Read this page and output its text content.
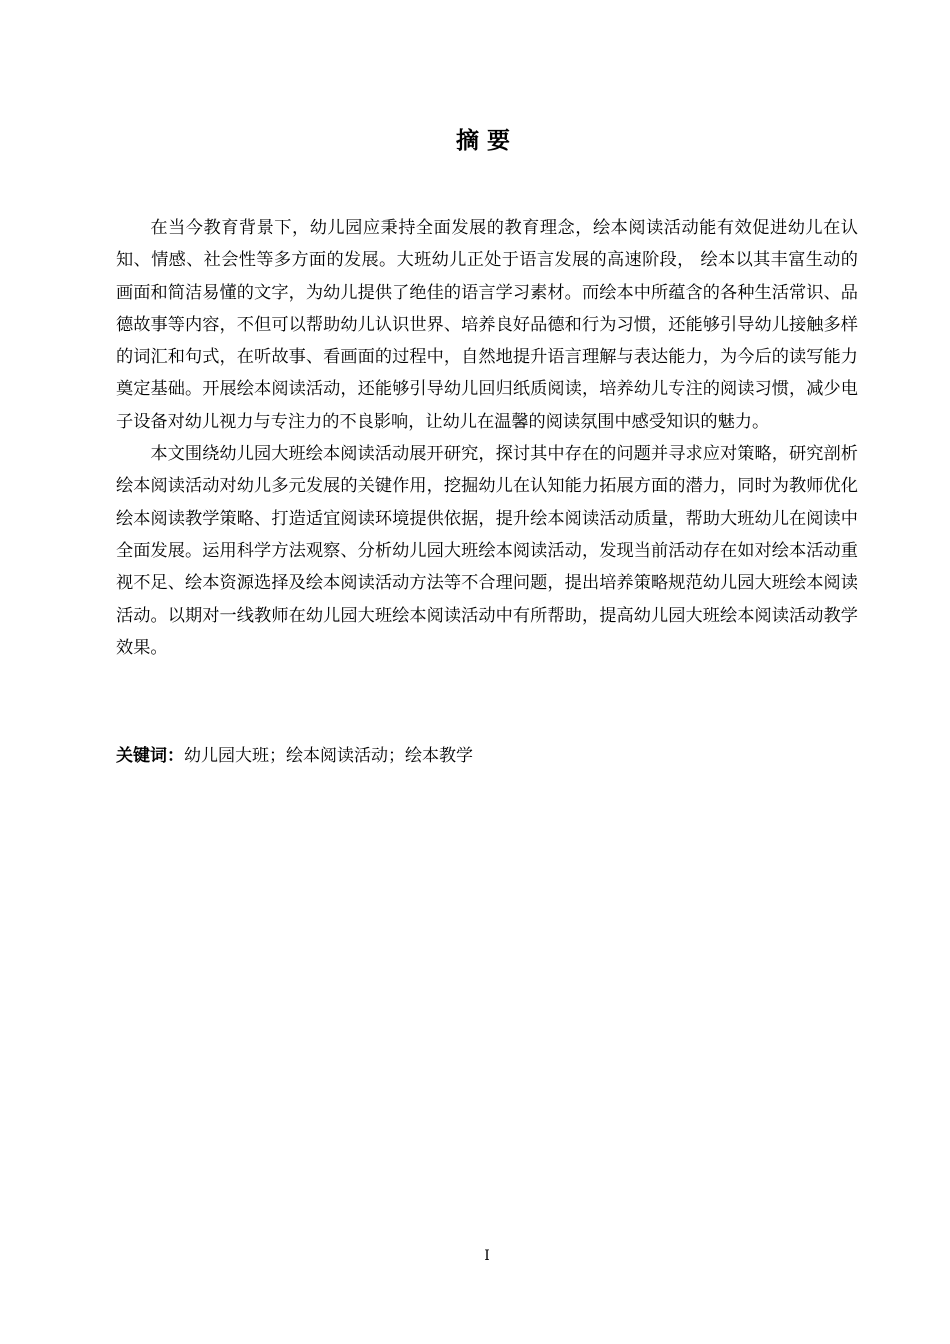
摘 要

在当今教育背景下，幼儿园应秉持全面发展的教育理念，绘本阅读活动能有效促进幼儿在认知、情感、社会性等多方面的发展。大班幼儿正处于语言发展的高速阶段， 绘本以其丰富生动的画面和简洁易懂的文字，为幼儿提供了绝佳的语言学习素材。而绘本中所蕴含的各种生活常识、品德故事等内容，不但可以帮助幼儿认识世界、培养良好品德和行为习惯，还能够引导幼儿接触多样的词汇和句式，在听故事、看画面的过程中，自然地提升语言理解与表达能力，为今后的读写能力奠定基础。开展绘本阅读活动，还能够引导幼儿回归纸质阅读，培养幼儿专注的阅读习惯，减少电子设备对幼儿视力与专注力的不良影响，让幼儿在温馨的阅读氛围中感受知识的魅力。

本文围绕幼儿园大班绘本阅读活动展开研究，探讨其中存在的问题并寻求应对策略，研究剖析绘本阅读活动对幼儿多元发展的关键作用，挖掘幼儿在认知能力拓展方面的潜力，同时为教师优化绘本阅读教学策略、打造适宜阅读环境提供依据，提升绘本阅读活动质量，帮助大班幼儿在阅读中全面发展。运用科学方法观察、分析幼儿园大班绘本阅读活动，发现当前活动存在如对绘本活动重视不足、绘本资源选择及绘本阅读活动方法等不合理问题，提出培养策略规范幼儿园大班绘本阅读活动。以期对一线教师在幼儿园大班绘本阅读活动中有所帮助，提高幼儿园大班绘本阅读活动教学效果。

关键词：幼儿园大班；绘本阅读活动；绘本教学
I
